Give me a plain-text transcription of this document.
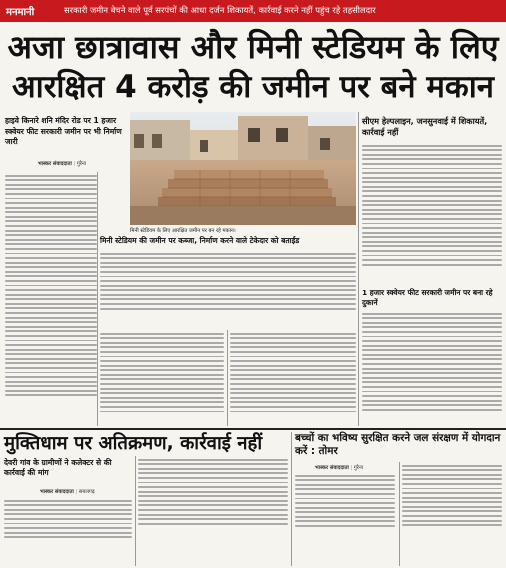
मनमानी	सरकारी जमीन बेचने वाले पूर्व सरपंचों की आधा दर्जन शिकायतें, कार्रवाई करने नहीं पहुंच रहे तहसीलदार
अजा छात्रावास और मिनी स्टेडियम के लिए
आरक्षित 4 करोड़ की जमीन पर बने मकान
हाइवे किनारे शनि मंदिर रोड पर 1 हजार स्क्वेयर फीट सरकारी जमीन पर भी निर्माण जारी
भास्कर संवाददाता | गुरैना
मिनी स्टेडियम के लिए आरक्षित जमीन पर बन रहे मकान।
मिनी स्टेडियम की जमीन पर कब्जा, निर्माण करने वाले टेकेदार को बताईंड
सीएम हेल्पलाइन, जनसुनवाई में शिकायतें, कार्रवाई नहीं
1 हजार स्क्वेयर फीट सरकारी जमीन पर बना रहे दुकानें
मुक्तिधाम पर अतिक्रमण, कार्रवाई नहीं
देवरी गांव के ग्रामीणों ने कलेक्टर से की कार्रवाई की मांग
भास्कर संवाददाता | सबलगढ़
बच्चों का भविष्य सुरक्षित करने जल संरक्षण में योगदान करें : तोमर
भास्कर संवाददाता | गुरैना
